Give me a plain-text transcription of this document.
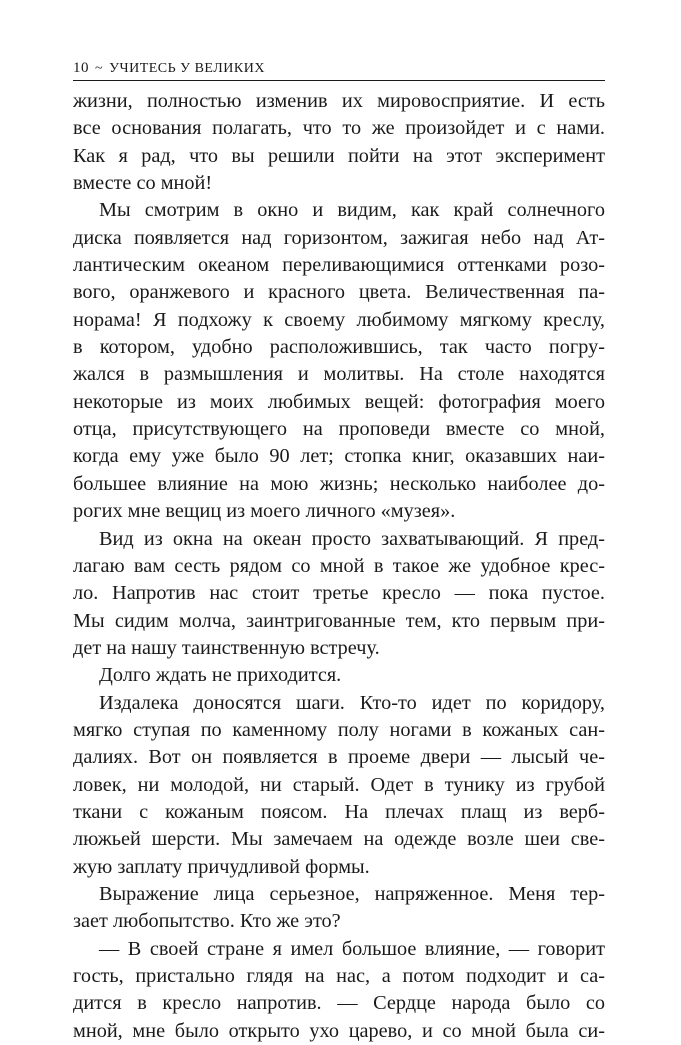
10 ~ УЧИТЕСЬ У ВЕЛИКИХ
жизни, полностью изменив их мировосприятие. И есть
все основания полагать, что то же произойдет и с нами.
Как я рад, что вы решили пойти на этот эксперимент
вместе со мной!
Мы смотрим в окно и видим, как край солнечного
диска появляется над горизонтом, зажигая небо над Ат-
лантическим океаном переливающимися оттенками розо-
вого, оранжевого и красного цвета. Величественная па-
норама! Я подхожу к своему любимому мягкому креслу,
в котором, удобно расположившись, так часто погру-
жался в размышления и молитвы. На столе находятся
некоторые из моих любимых вещей: фотография моего
отца, присутствующего на проповеди вместе со мной,
когда ему уже было 90 лет; стопка книг, оказавших наи-
большее влияние на мою жизнь; несколько наиболее до-
рогих мне вещиц из моего личного «музея».
Вид из окна на океан просто захватывающий. Я пред-
лагаю вам сесть рядом со мной в такое же удобное крес-
ло. Напротив нас стоит третье кресло — пока пустое.
Мы сидим молча, заинтригованные тем, кто первым при-
дет на нашу таинственную встречу.
Долго ждать не приходится.
Издалека доносятся шаги. Кто-то идет по коридору,
мягко ступая по каменному полу ногами в кожаных сан-
далиях. Вот он появляется в проеме двери — лысый че-
ловек, ни молодой, ни старый. Одет в тунику из грубой
ткани с кожаным поясом. На плечах плащ из верб-
люжьей шерсти. Мы замечаем на одежде возле шеи све-
жую заплату причудливой формы.
Выражение лица серьезное, напряженное. Меня тер-
зает любопытство. Кто же это?
— В своей стране я имел большое влияние, — говорит
гость, пристально глядя на нас, а потом подходит и са-
дится в кресло напротив. — Сердце народа было со
мной, мне было открыто ухо царево, и со мной была си-
